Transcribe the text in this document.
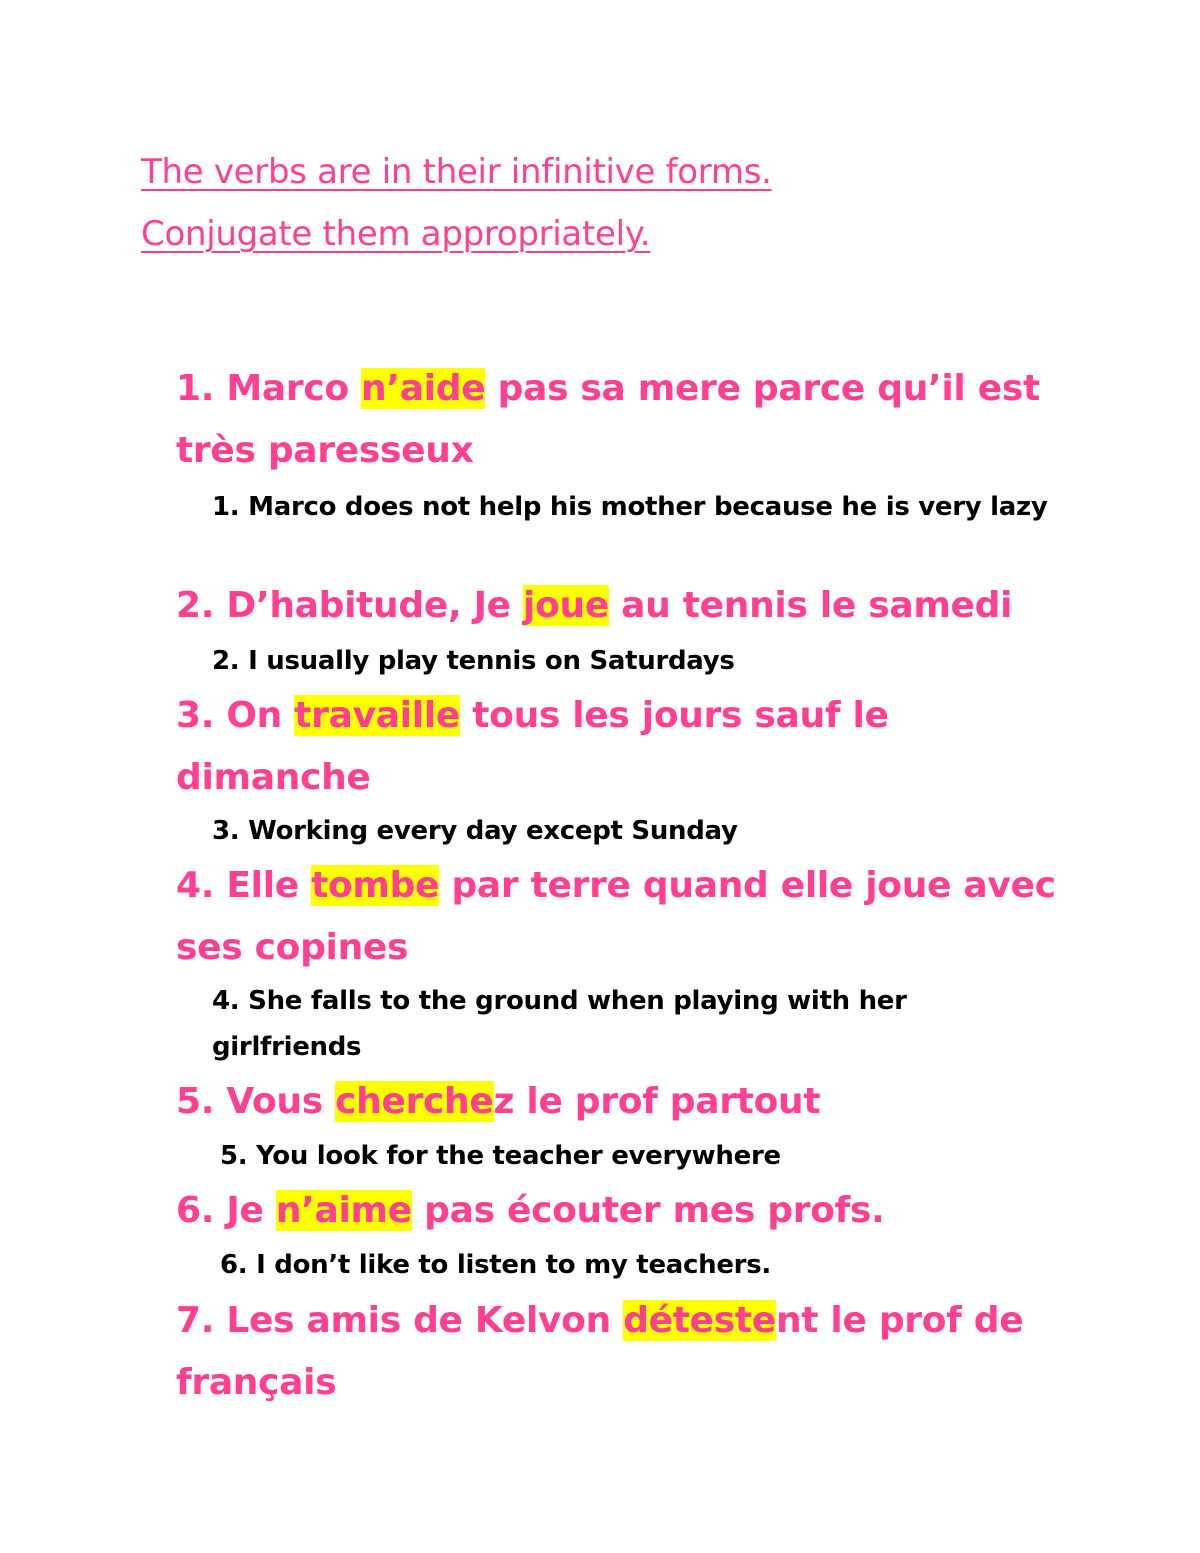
The verbs are in their infinitive forms.
Conjugate them appropriately.
1. Marco n’aide pas sa mere parce qu’il est très paresseux
1. Marco does not help his mother because he is very lazy
2. D’habitude, Je joue au tennis le samedi
2. I usually play tennis on Saturdays
3. On travaille tous les jours sauf le dimanche
3. Working every day except Sunday
4. Elle tombe par terre quand elle joue avec ses copines
4. She falls to the ground when playing with her girlfriends
5. Vous cherchez le prof partout
5. You look for the teacher everywhere
6. Je n’aime pas écouter mes profs.
6. I don’t like to listen to my teachers.
7. Les amis de Kelvon détestent le prof de français
